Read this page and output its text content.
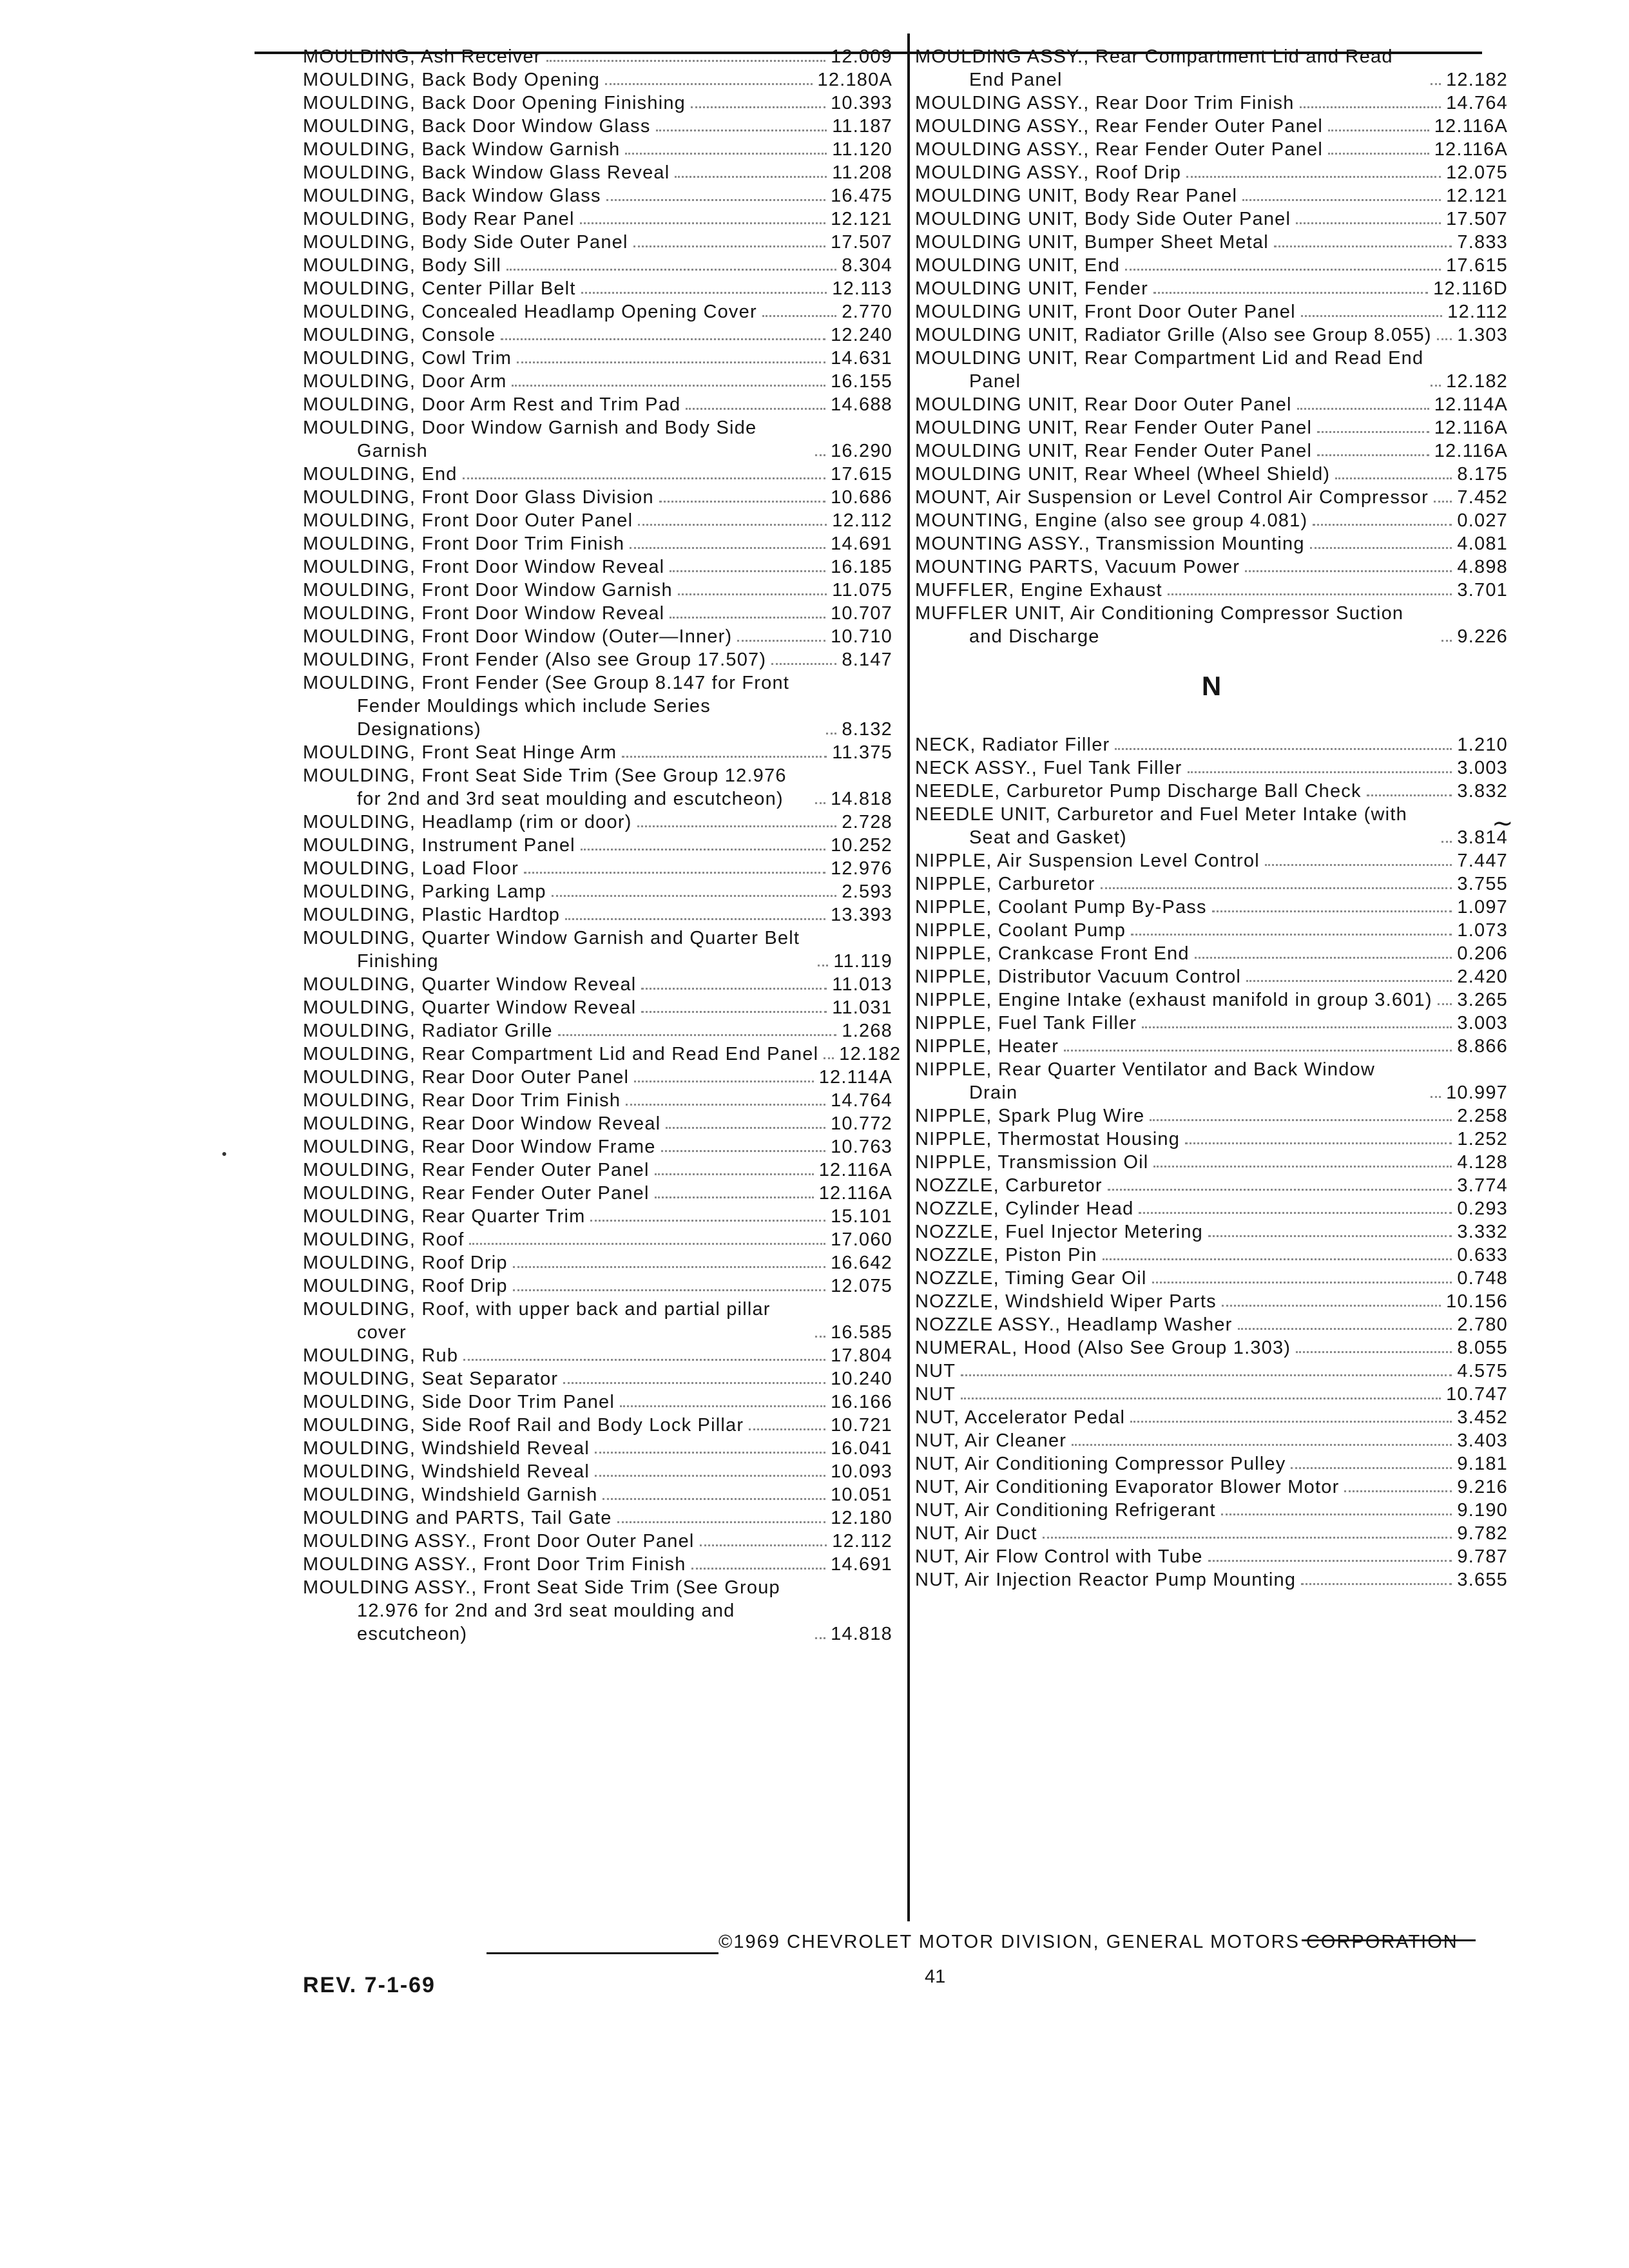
∼
MOULDING, Ash Receiver	12.009
MOULDING, Back Body Opening	12.180A
MOULDING, Back Door Opening Finishing	10.393
MOULDING, Back Door Window Glass	11.187
MOULDING, Back Window Garnish	11.120
MOULDING, Back Window Glass Reveal	11.208
MOULDING, Back Window Glass	16.475
MOULDING, Body Rear Panel	12.121
MOULDING, Body Side Outer Panel	17.507
MOULDING, Body Sill	8.304
MOULDING, Center Pillar Belt	12.113
MOULDING, Concealed Headlamp Opening Cover	2.770
MOULDING, Console	12.240
MOULDING, Cowl Trim	14.631
MOULDING, Door Arm	16.155
MOULDING, Door Arm Rest and Trim Pad	14.688
MOULDING, Door Window Garnish and Body Side Garnish	16.290
MOULDING, End	17.615
MOULDING, Front Door Glass Division	10.686
MOULDING, Front Door Outer Panel	12.112
MOULDING, Front Door Trim Finish	14.691
MOULDING, Front Door Window Reveal	16.185
MOULDING, Front Door Window Garnish	11.075
MOULDING, Front Door Window Reveal	10.707
MOULDING, Front Door Window (Outer—Inner)	10.710
MOULDING, Front Fender (Also see Group 17.507)	8.147
MOULDING, Front Fender (See Group 8.147 for Front Fender Mouldings which include Series Designations)	8.132
MOULDING, Front Seat Hinge Arm	11.375
MOULDING, Front Seat Side Trim (See Group 12.976 for 2nd and 3rd seat moulding and escutcheon)	14.818
MOULDING, Headlamp (rim or door)	2.728
MOULDING, Instrument Panel	10.252
MOULDING, Load Floor	12.976
MOULDING, Parking Lamp	2.593
MOULDING, Plastic Hardtop	13.393
MOULDING, Quarter Window Garnish and Quarter Belt Finishing	11.119
MOULDING, Quarter Window Reveal	11.013
MOULDING, Quarter Window Reveal	11.031
MOULDING, Radiator Grille	1.268
MOULDING, Rear Compartment Lid and Read End Panel 12.182
MOULDING, Rear Door Outer Panel	12.114A
MOULDING, Rear Door Trim Finish	14.764
MOULDING, Rear Door Window Reveal	10.772
MOULDING, Rear Door Window Frame	10.763
MOULDING, Rear Fender Outer Panel	12.116A
MOULDING, Rear Fender Outer Panel	12.116A
MOULDING, Rear Quarter Trim	15.101
MOULDING, Roof	17.060
MOULDING, Roof Drip	16.642
MOULDING, Roof Drip	12.075
MOULDING, Roof, with upper back and partial pillar cover	16.585
MOULDING, Rub	17.804
MOULDING, Seat Separator	10.240
MOULDING, Side Door Trim Panel	16.166
MOULDING, Side Roof Rail and Body Lock Pillar	10.721
MOULDING, Windshield Reveal	16.041
MOULDING, Windshield Reveal	10.093
MOULDING, Windshield Garnish	10.051
MOULDING and PARTS, Tail Gate	12.180
MOULDING ASSY., Front Door Outer Panel	12.112
MOULDING ASSY., Front Door Trim Finish	14.691
MOULDING ASSY., Front Seat Side Trim (See Group 12.976 for 2nd and 3rd seat moulding and escutcheon)	14.818
MOULDING ASSY., Rear Compartment Lid and Read End Panel	12.182
MOULDING ASSY., Rear Door Trim Finish	14.764
MOULDING ASSY., Rear Fender Outer Panel	12.116A
MOULDING ASSY., Rear Fender Outer Panel	12.116A
MOULDING ASSY., Roof Drip	12.075
MOULDING UNIT, Body Rear Panel	12.121
MOULDING UNIT, Body Side Outer Panel	17.507
MOULDING UNIT, Bumper Sheet Metal	7.833
MOULDING UNIT, End	17.615
MOULDING UNIT, Fender	12.116D
MOULDING UNIT, Front Door Outer Panel	12.112
MOULDING UNIT, Radiator Grille (Also see Group 8.055) 1.303
MOULDING UNIT, Rear Compartment Lid and Read End Panel	12.182
MOULDING UNIT, Rear Door Outer Panel	12.114A
MOULDING UNIT, Rear Fender Outer Panel	12.116A
MOULDING UNIT, Rear Fender Outer Panel	12.116A
MOULDING UNIT, Rear Wheel (Wheel Shield)	8.175
MOUNT, Air Suspension or Level Control Air Compressor 7.452
MOUNTING, Engine (also see group 4.081)	0.027
MOUNTING ASSY., Transmission Mounting	4.081
MOUNTING PARTS, Vacuum Power	4.898
MUFFLER, Engine Exhaust	3.701
MUFFLER UNIT, Air Conditioning Compressor Suction and Discharge	9.226
N
NECK, Radiator Filler	1.210
NECK ASSY., Fuel Tank Filler	3.003
NEEDLE, Carburetor Pump Discharge Ball Check	3.832
NEEDLE UNIT, Carburetor and Fuel Meter Intake (with Seat and Gasket)	3.814
NIPPLE, Air Suspension Level Control	7.447
NIPPLE, Carburetor	3.755
NIPPLE, Coolant Pump By-Pass	1.097
NIPPLE, Coolant Pump	1.073
NIPPLE, Crankcase Front End	0.206
NIPPLE, Distributor Vacuum Control	2.420
NIPPLE, Engine Intake (exhaust manifold in group 3.601) 3.265
NIPPLE, Fuel Tank Filler	3.003
NIPPLE, Heater	8.866
NIPPLE, Rear Quarter Ventilator and Back Window Drain	10.997
NIPPLE, Spark Plug Wire	2.258
NIPPLE, Thermostat Housing	1.252
NIPPLE, Transmission Oil	4.128
NOZZLE, Carburetor	3.774
NOZZLE, Cylinder Head	0.293
NOZZLE, Fuel Injector Metering	3.332
NOZZLE, Piston Pin	0.633
NOZZLE, Timing Gear Oil	0.748
NOZZLE, Windshield Wiper Parts	10.156
NOZZLE ASSY., Headlamp Washer	2.780
NUMERAL, Hood (Also See Group 1.303)	8.055
NUT	4.575
NUT	10.747
NUT, Accelerator Pedal	3.452
NUT, Air Cleaner	3.403
NUT, Air Conditioning Compressor Pulley	9.181
NUT, Air Conditioning Evaporator Blower Motor	9.216
NUT, Air Conditioning Refrigerant	9.190
NUT, Air Duct	9.782
NUT, Air Flow Control with Tube	9.787
NUT, Air Injection Reactor Pump Mounting	3.655
©1969 CHEVROLET MOTOR DIVISION, GENERAL MOTORS CORPORATION
41
REV. 7-1-69
